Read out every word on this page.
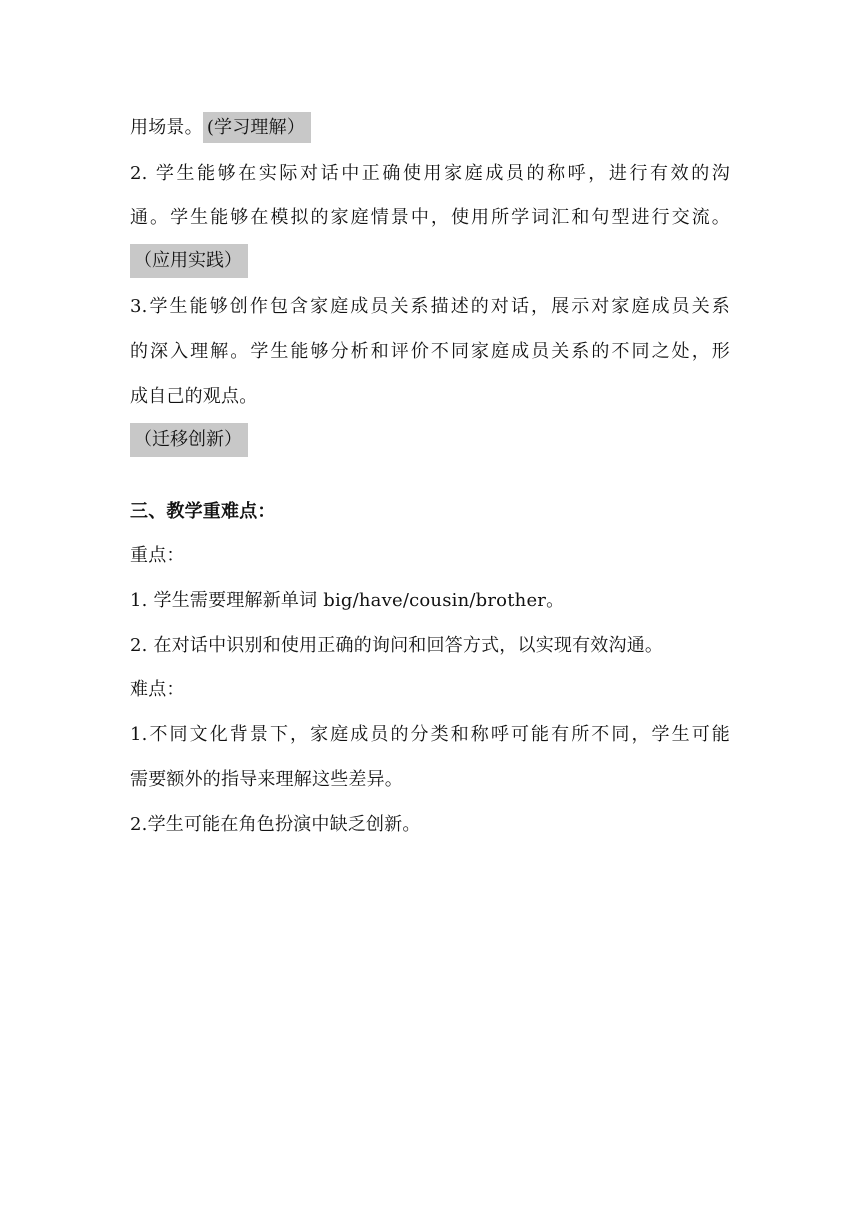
用场景。 (学习理解）
2. 学生能够在实际对话中正确使用家庭成员的称呼，进行有效的沟
通。学生能够在模拟的家庭情景中，使用所学词汇和句型进行交流。
（应用实践）
3.学生能够创作包含家庭成员关系描述的对话，展示对家庭成员关系
的深入理解。学生能够分析和评价不同家庭成员关系的不同之处，形
成自己的观点。
（迁移创新）
三、教学重难点：
重点：
1. 学生需要理解新单词 big/have/cousin/brother。
2. 在对话中识别和使用正确的询问和回答方式，以实现有效沟通。
难点：
1.不同文化背景下，家庭成员的分类和称呼可能有所不同，学生可能
需要额外的指导来理解这些差异。
2.学生可能在角色扮演中缺乏创新。
